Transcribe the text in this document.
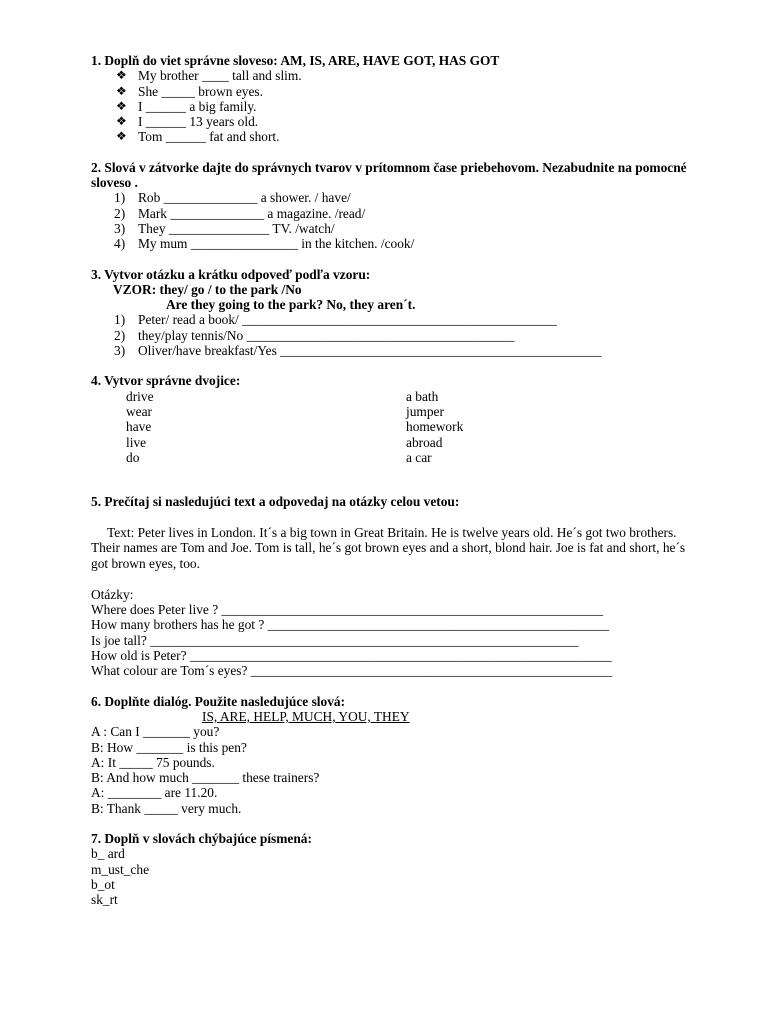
1. Doplň do viet správne sloveso: AM, IS, ARE, HAVE GOT, HAS GOT
❖ My brother ____ tall and slim.
❖ She _____ brown eyes.
❖ I ______ a big family.
❖ I ______ 13 years old.
❖ Tom ______ fat and short.
2. Slová v zátvorke dajte do správnych tvarov v prítomnom čase priebehovom. Nezabudnite na pomocné sloveso .
1) Rob ______________ a shower. / have/
2) Mark ______________ a magazine. /read/
3) They _______________ TV. /watch/
4) My mum ________________ in the kitchen. /cook/
3. Vytvor otázku a krátku odpoveď podľa vzoru:
VZOR: they/ go / to the park /No
Are they going to the park? No, they aren´t.
1) Peter/ read a book/ _______________________________________________
2) they/play tennis/No ________________________________________
3) Oliver/have breakfast/Yes ________________________________________________
4. Vytvor správne dvojice:
drive
wear
have
live
do
a bath
jumper
homework
abroad
a car
5. Prečítaj si nasledujúci text a odpovedaj na otázky celou vetou:
Text: Peter lives in London. It´s a big town in Great Britain. He is twelve years old. He´s got two brothers. Their names are Tom and Joe. Tom is tall, he´s got brown eyes and a short, blond hair. Joe is fat and short, he´s got brown eyes, too.
Otázky:
Where does Peter live ? _________________________________________________________
How many brothers has he got ? ___________________________________________________
Is joe tall? ________________________________________________________________
How old is Peter? _______________________________________________________________
What colour are Tom´s eyes? ______________________________________________________
6. Doplňte dialóg. Použite nasledujúce slová:
IS, ARE, HELP, MUCH, YOU, THEY
A : Can I _______ you?
B: How _______ is this pen?
A: It _____ 75 pounds.
B: And how much _______ these trainers?
A: ________ are 11.20.
B: Thank _____ very much.
7. Doplň v slovách chýbajúce písmená:
b_ ard
m_ust_che
b_ot
sk_rt
